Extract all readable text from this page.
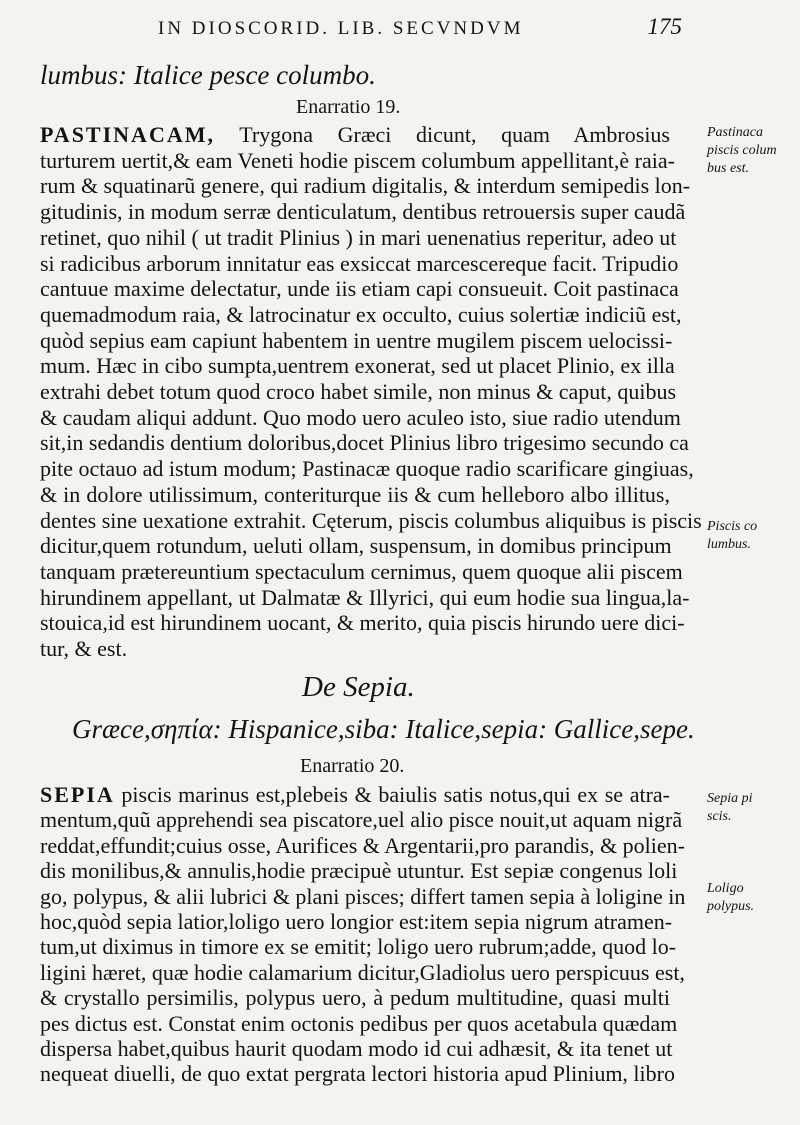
IN DIOSCORID. LIB. SECVNDVM	175
lumbus: Italice pesce columbo.
Enarratio 19.
PASTINACAM, Trygona Græci dicunt, quam Ambrosius
turturem uertit,& eam Veneti hodie piscem columbum appellitant,è raia-
rum & squatinarũ genere, qui radium digitalis, & interdum semipedis lon-
gitudinis, in modum serræ denticulatum, dentibus retrouersis super caudã
retinet, quo nihil ( ut tradit Plinius ) in mari uenenatius reperitur, adeo ut
si radicibus arborum innitatur eas exsiccat marcescereque facit. Tripudio
cantuue maxime delectatur, unde iis etiam capi consueuit. Coit pastinaca
quemadmodum raia, & latrocinatur ex occulto, cuius solertiæ indiciũ est,
quòd sepius eam capiunt habentem in uentre mugilem piscem uelocissi-
mum. Hæc in cibo sumpta,uentrem exonerat, sed ut placet Plinio, ex illa
extrahi debet totum quod croco habet simile, non minus & caput, quibus
& caudam aliqui addunt. Quo modo uero aculeo isto, siue radio utendum
sit,in sedandis dentium doloribus,docet Plinius libro trigesimo secundo ca
pite octauo ad istum modum; Pastinacæ quoque radio scarificare gingiuas,
& in dolore utilissimum, conteriturque iis & cum helleboro albo illitus,
dentes sine uexatione extrahit. Cęterum, piscis columbus aliquibus is piscis
dicitur,quem rotundum, ueluti ollam, suspensum, in domibus principum
tanquam prætereuntium spectaculum cernimus, quem quoque alii piscem
hirundinem appellant, ut Dalmatæ & Illyrici, qui eum hodie sua lingua,la-
stouica,id est hirundinem uocant, & merito, quia piscis hirundo uere dici-
tur, & est.
De Sepia.
Græce,σηπία: Hispanice,siba: Italice,sepia: Gallice,sepe.
Enarratio 20.
SEPIA piscis marinus est,plebeis & baiulis satis notus,qui ex se atra-
mentum,quũ apprehendi sea piscatore,uel alio pisce nouit,ut aquam nigrã
reddat,effundit;cuius osse, Aurifices & Argentarii,pro parandis, & polien-
dis monilibus,& annulis,hodie præcipuè utuntur. Est sepiæ congenus loli
go, polypus, & alii lubrici & plani pisces; differt tamen sepia à loligine in
hoc,quòd sepia latior,loligo uero longior est:item sepia nigrum atramen-
tum,ut diximus in timore ex se emitit; loligo uero rubrum;adde, quod lo-
ligini hæret, quæ hodie calamarium dicitur,Gladiolus uero perspicuus est,
& crystallo persimilis, polypus uero, à pedum multitudine, quasi multi
pes dictus est. Constat enim octonis pedibus per quos acetabula quædam
dispersa habet,quibus haurit quodam modo id cui adhæsit, & ita tenet ut
nequeat diuelli, de quo extat pergrata lectori historia apud Plinium, libro
Pastinaca
piscis colum
bus est.
Piscis co
lumbus.
Sepia pi
scis.
Loligo
polypus.
